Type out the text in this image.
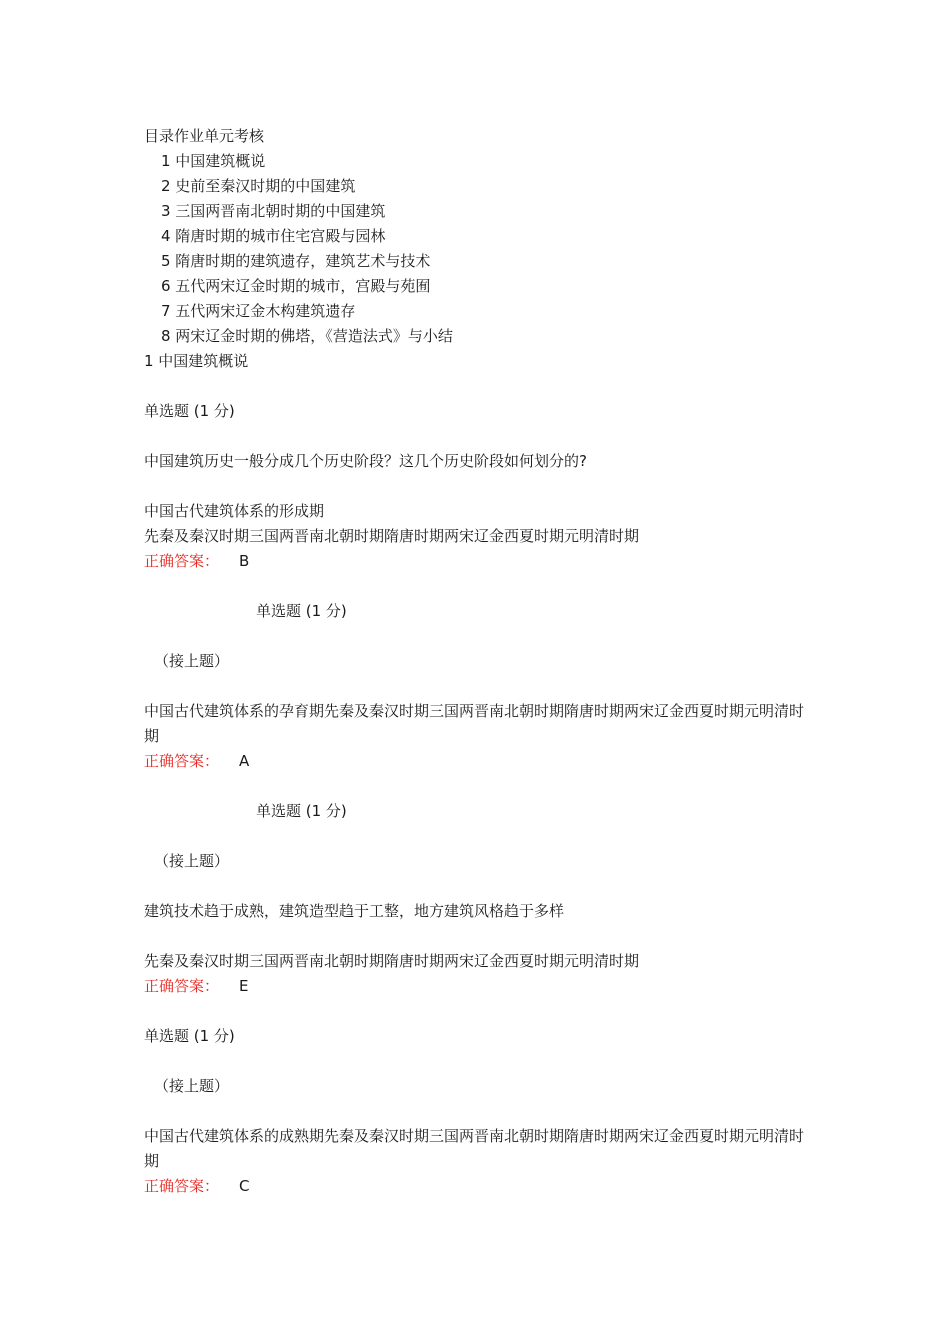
目录作业单元考核
1 中国建筑概说
2 史前至秦汉时期的中国建筑
3 三国两晋南北朝时期的中国建筑
4 隋唐时期的城市住宅宫殿与园林
5 隋唐时期的建筑遗存，建筑艺术与技术
6 五代两宋辽金时期的城市，宫殿与苑囿
7 五代两宋辽金木构建筑遗存
8 两宋辽金时期的佛塔，《营造法式》与小结
1 中国建筑概说
单选题 (1 分)
中国建筑历史一般分成几个历史阶段？这几个历史阶段如何划分的?
中国古代建筑体系的形成期
先秦及秦汉时期三国两晋南北朝时期隋唐时期两宋辽金西夏时期元明清时期
正确答案： B
单选题 (1 分)
（接上题）
中国古代建筑体系的孕育期先秦及秦汉时期三国两晋南北朝时期隋唐时期两宋辽金西夏时期元明清时期
正确答案： A
单选题 (1 分)
（接上题）
建筑技术趋于成熟，建筑造型趋于工整，地方建筑风格趋于多样
先秦及秦汉时期三国两晋南北朝时期隋唐时期两宋辽金西夏时期元明清时期
正确答案： E
单选题 (1 分)
（接上题）
中国古代建筑体系的成熟期先秦及秦汉时期三国两晋南北朝时期隋唐时期两宋辽金西夏时期元明清时期
正确答案： C
